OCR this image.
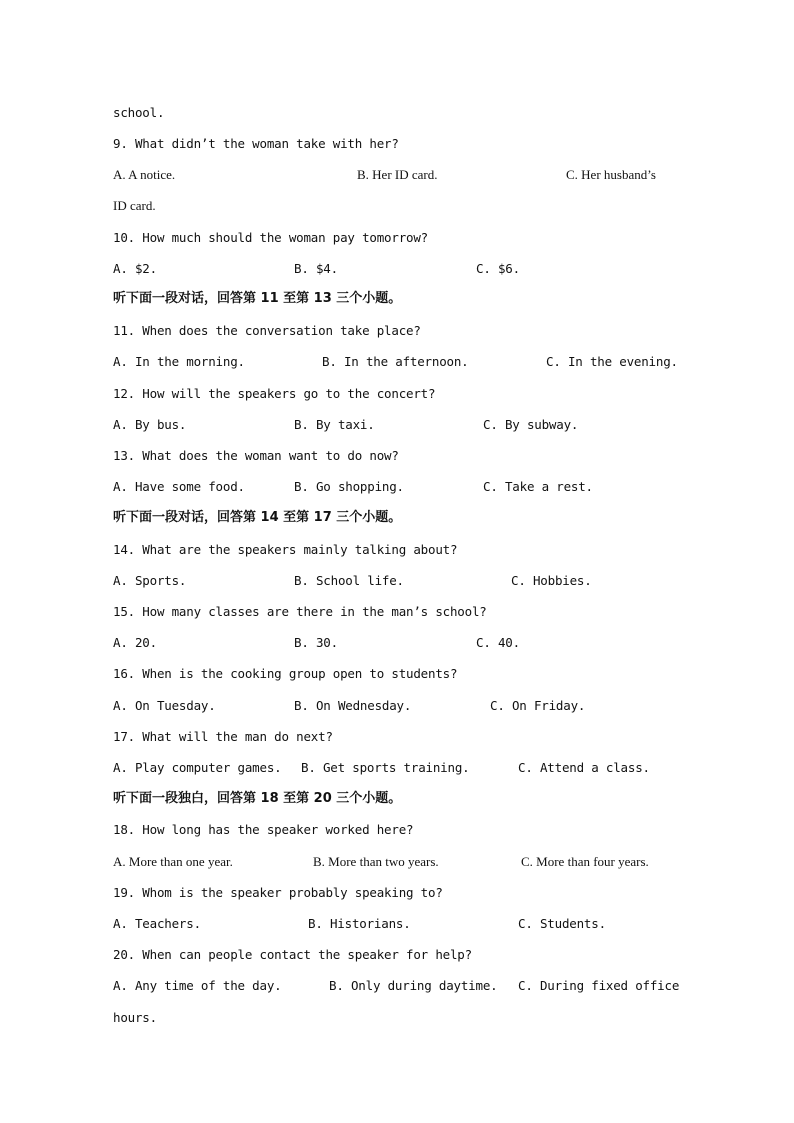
school.
9. What didn’t the woman take with her?
A. A notice.	B. Her ID card.	C. Her husband’s
ID card.
10. How much should the woman pay tomorrow?
A. $2.	B. $4.	C. $6.
听下面一段对话，回答第 11 至第 13 三个小题。
11. When does the conversation take place?
A. In the morning.	B. In the afternoon.	C. In the evening.
12. How will the speakers go to the concert?
A. By bus.	B. By taxi.	C. By subway.
13. What does the woman want to do now?
A. Have some food.	B. Go shopping.	C. Take a rest.
听下面一段对话，回答第 14 至第 17 三个小题。
14. What are the speakers mainly talking about?
A. Sports.	B. School life.	C. Hobbies.
15. How many classes are there in the man’s school?
A. 20.	B. 30.	C. 40.
16. When is the cooking group open to students?
A. On Tuesday.	B. On Wednesday.	C. On Friday.
17. What will the man do next?
A. Play computer games. B. Get sports training.	C. Attend a class.
听下面一段独白，回答第 18 至第 20 三个小题。
18. How long has the speaker worked here?
A. More than one year.	B. More than two years.	C. More than four years.
19. Whom is the speaker probably speaking to?
A. Teachers.	B. Historians.	C. Students.
20. When can people contact the speaker for help?
A. Any time of the day.	B. Only during daytime. C. During fixed office
hours.
